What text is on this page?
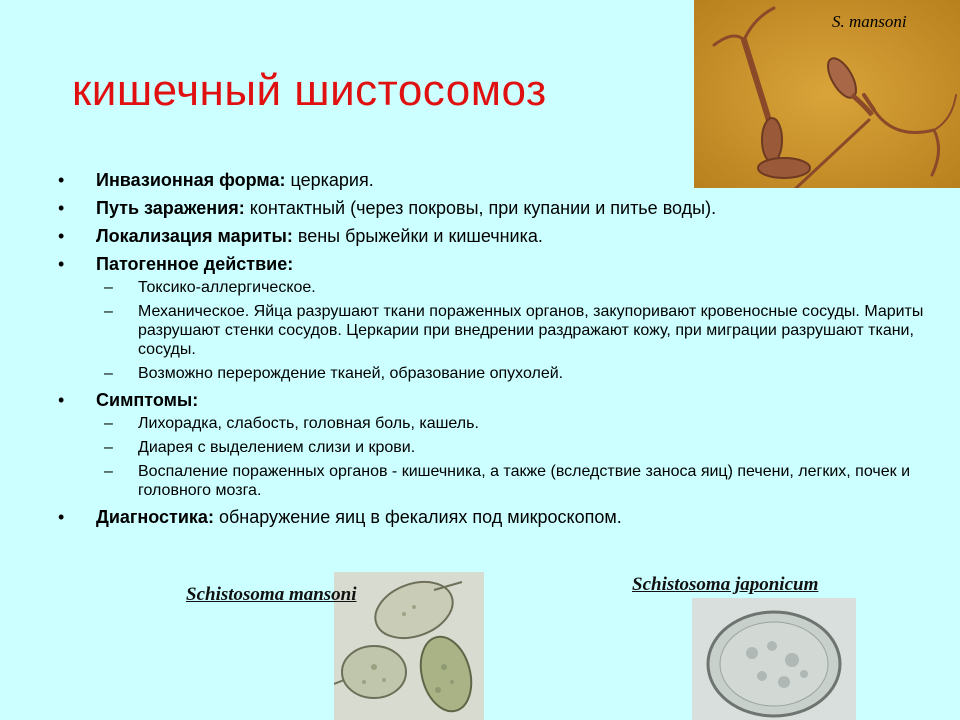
кишечный шистосомоз
S. mansoni
• Инвазионная форма: церкария.
• Путь заражения: контактный (через покровы, при купании и питье воды).
• Локализация мариты: вены брыжейки и кишечника.
• Патогенное действие:
– Токсико-аллергическое.
– Механическое. Яйца разрушают ткани пораженных органов, закупоривают кровеносные сосуды. Мариты разрушают стенки сосудов. Церкарии при внедрении раздражают кожу, при миграции разрушают ткани, сосуды.
– Возможно перерождение тканей, образование опухолей.
• Симптомы:
– Лихорадка, слабость, головная боль, кашель.
– Диарея с выделением слизи и крови.
– Воспаление пораженных органов - кишечника, а также (вследствие заноса яиц) печени, легких, почек и головного мозга.
• Диагностика: обнаружение яиц в фекалиях под микроскопом.
Schistosoma mansoni	Schistosoma japonicum
